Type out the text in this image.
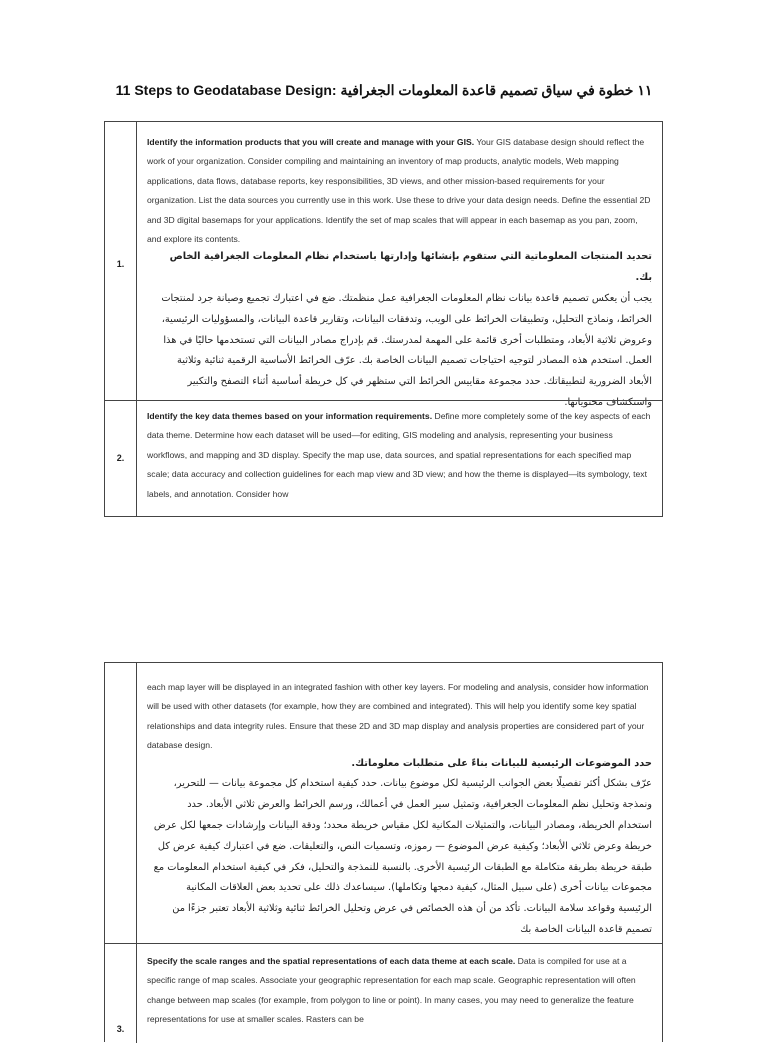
11 Steps to Geodatabase Design: ١١ خطوة في سياق تصميم قاعدة المعلومات الجغرافية
1.
Identify the information products that you will create and manage with your GIS. Your GIS database design should reflect the work of your organization. Consider compiling and maintaining an inventory of map products, analytic models, Web mapping applications, data flows, database reports, key responsibilities, 3D views, and other mission-based requirements for your organization. List the data sources you currently use in this work. Use these to drive your data design needs. Define the essential 2D and 3D digital basemaps for your applications. Identify the set of map scales that will appear in each basemap as you pan, zoom, and explore its contents.
تحديد المنتجات المعلوماتية التي ستقوم بإنشائها وإدارتها باستخدام نظام المعلومات الجغرافية الخاص بك.
يجب أن يعكس تصميم قاعدة بيانات نظام المعلومات الجغرافية عمل منظمتك. ضع في اعتبارك تجميع وصيانة جرد لمنتجات الخرائط، ونماذج التحليل، وتطبيقات الخرائط على الويب، وتدفقات البيانات، وتقارير قاعدة البيانات، والمسؤوليات الرئيسية، وعروض ثلاثية الأبعاد، ومتطلبات أخرى قائمة على المهمة لمدرستك. قم بإدراج مصادر البيانات التي تستخدمها حاليًا في هذا العمل. استخدم هذه المصادر لتوجيه احتياجات تصميم البيانات الخاصة بك. عرّف الخرائط الأساسية الرقمية ثنائية وثلاثية الأبعاد الضرورية لتطبيقاتك. حدد مجموعة مقاييس الخرائط التي ستظهر في كل خريطة أساسية أثناء التصفح والتكبير واستكشاف محتوياتها.
2.
Identify the key data themes based on your information requirements. Define more completely some of the key aspects of each data theme. Determine how each dataset will be used—for editing, GIS modeling and analysis, representing your business workflows, and mapping and 3D display. Specify the map use, data sources, and spatial representations for each specified map scale; data accuracy and collection guidelines for each map view and 3D view; and how the theme is displayed—its symbology, text labels, and annotation. Consider how
each map layer will be displayed in an integrated fashion with other key layers. For modeling and analysis, consider how information will be used with other datasets (for example, how they are combined and integrated). This will help you identify some key spatial relationships and data integrity rules. Ensure that these 2D and 3D map display and analysis properties are considered part of your database design.
حدد الموضوعات الرئيسية للبيانات بناءً على متطلبات معلوماتك.
عرّف بشكل أكثر تفصيلًا بعض الجوانب الرئيسية لكل موضوع بيانات. حدد كيفية استخدام كل مجموعة بيانات — للتحرير، ونمذجة وتحليل نظم المعلومات الجغرافية، وتمثيل سير العمل في أعمالك، ورسم الخرائط والعرض ثلاثي الأبعاد. حدد استخدام الخريطة، ومصادر البيانات، والتمثيلات المكانية لكل مقياس خريطة محدد؛ ودقة البيانات وإرشادات جمعها لكل عرض خريطة وعرض ثلاثي الأبعاد؛ وكيفية عرض الموضوع — رموزه، وتسميات النص، والتعليقات. ضع في اعتبارك كيفية عرض كل طبقة خريطة بطريقة متكاملة مع الطبقات الرئيسية الأخرى. بالنسبة للنمذجة والتحليل، فكر في كيفية استخدام المعلومات مع مجموعات بيانات أخرى (على سبيل المثال، كيفية دمجها وتكاملها). سيساعدك ذلك على تحديد بعض العلاقات المكانية الرئيسية وقواعد سلامة البيانات. تأكد من أن هذه الخصائص في عرض وتحليل الخرائط ثنائية وثلاثية الأبعاد تعتبر جزءًا من تصميم قاعدة البيانات الخاصة بك
3.
Specify the scale ranges and the spatial representations of each data theme at each scale. Data is compiled for use at a specific range of map scales. Associate your geographic representation for each map scale. Geographic representation will often change between map scales (for example, from polygon to line or point). In many cases, you may need to generalize the feature representations for use at smaller scales. Rasters can be
